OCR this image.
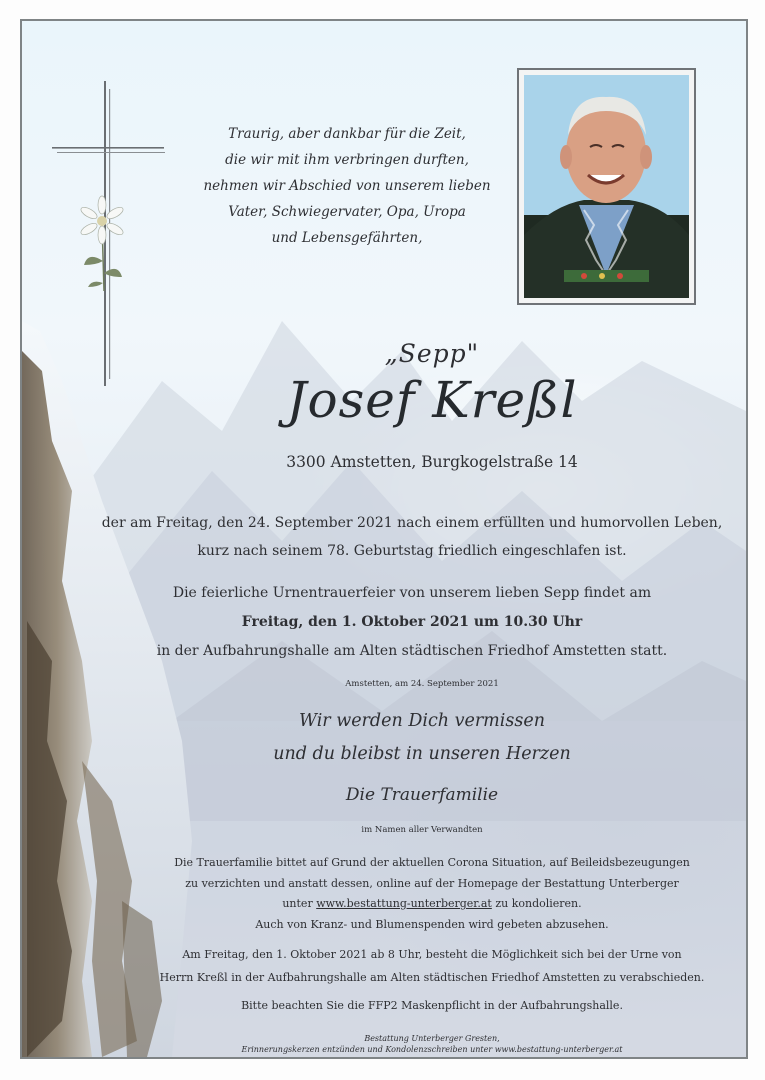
Traurig, aber dankbar für die Zeit,
die wir mit ihm verbringen durften,
nehmen wir Abschied von unserem lieben
Vater, Schwiegervater, Opa, Uropa
und Lebensgefährten,
„Sepp"
Josef Kreßl
3300 Amstetten, Burgkogelstraße 14
der am Freitag, den 24. September 2021 nach einem erfüllten und humorvollen Leben,
kurz nach seinem 78. Geburtstag friedlich eingeschlafen ist.
Die feierliche Urnentrauerfeier von unserem lieben Sepp findet am
Freitag, den 1. Oktober 2021 um 10.30 Uhr
in der Aufbahrungshalle am Alten städtischen Friedhof Amstetten statt.
Amstetten, am 24. September 2021
Wir werden Dich vermissen
und du bleibst in unseren Herzen
Die Trauerfamilie
im Namen aller Verwandten
Die Trauerfamilie bittet auf Grund der aktuellen Corona Situation, auf Beileidsbezeugungen
zu verzichten und anstatt dessen, online auf der Homepage der Bestattung Unterberger
unter www.bestattung-unterberger.at zu kondolieren.
Auch von Kranz- und Blumenspenden wird gebeten abzusehen.
Am Freitag, den 1. Oktober 2021 ab 8 Uhr, besteht die Möglichkeit sich bei der Urne von
Herrn Kreßl in der Aufbahrungshalle am Alten städtischen Friedhof Amstetten zu verabschieden.
Bitte beachten Sie die FFP2 Maskenpflicht in der Aufbahrungshalle.
Bestattung Unterberger Gresten,
Erinnerungskerzen entzünden und Kondolenzschreiben unter www.bestattung-unterberger.at
